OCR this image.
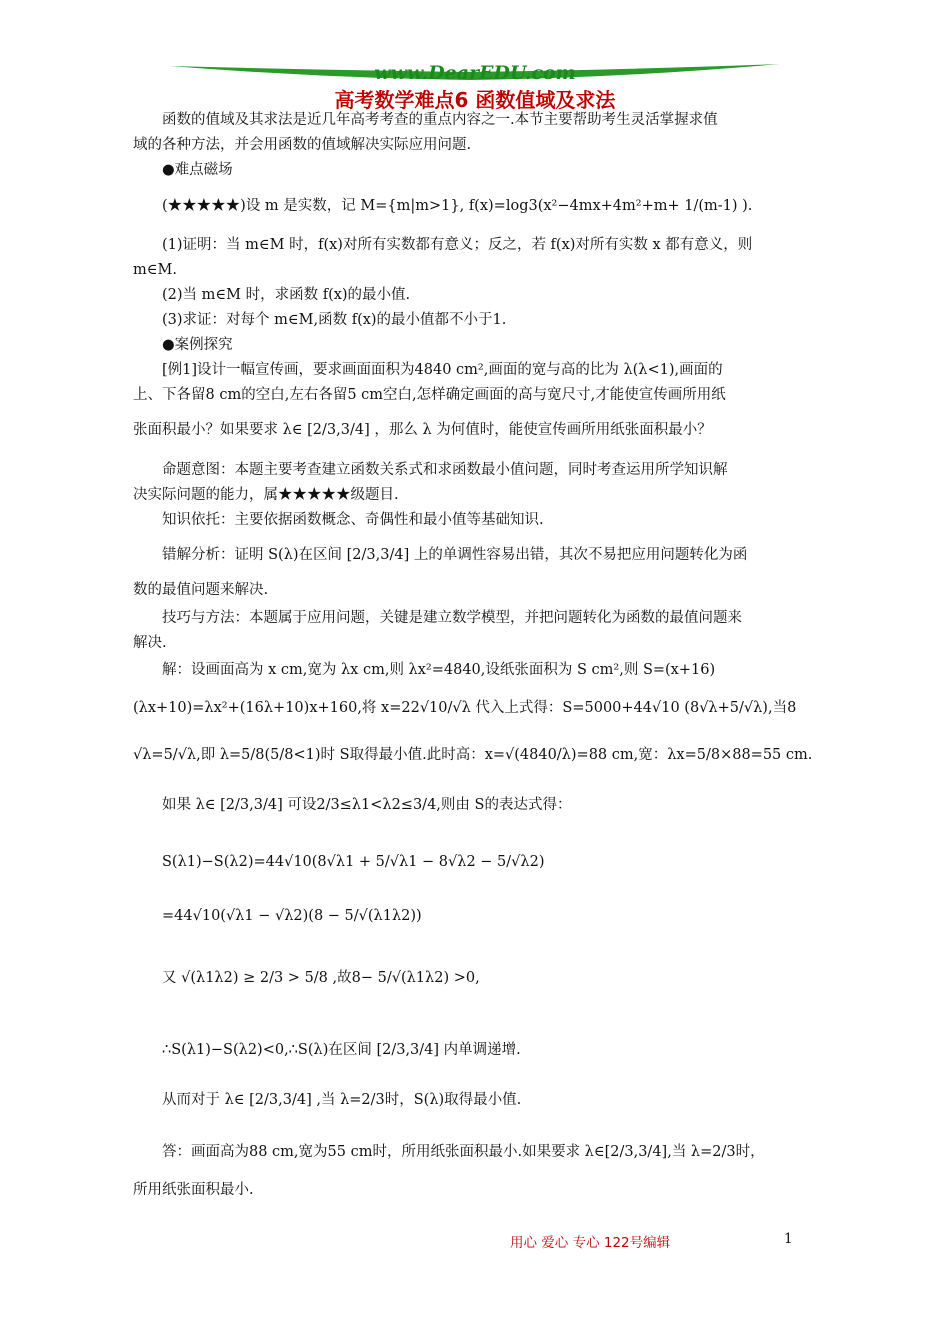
www.DearEDU.com
高考数学难点6 函数值域及求法
函数的值域及其求法是近几年高考考查的重点内容之一.本节主要帮助考生灵活掌握求值
域的各种方法，并会用函数的值域解决实际应用问题.
●难点磁场
(★★★★★)设 m 是实数，记 M={m|m>1}, f(x)=log3(x²−4mx+4m²+m+ 1/(m-1) ).
(1)证明：当 m∈M 时，f(x)对所有实数都有意义；反之，若 f(x)对所有实数 x 都有意义，则
m∈M.
(2)当 m∈M 时，求函数 f(x)的最小值.
(3)求证：对每个 m∈M,函数 f(x)的最小值都不小于1.
●案例探究
[例1]设计一幅宣传画，要求画面面积为4840 cm²,画面的宽与高的比为 λ(λ<1),画面的
上、下各留8 cm的空白,左右各留5 cm空白,怎样确定画面的高与宽尺寸,才能使宣传画所用纸
张面积最小？如果要求 λ∈ [2/3,3/4] ，那么 λ 为何值时，能使宣传画所用纸张面积最小？
命题意图：本题主要考查建立函数关系式和求函数最小值问题，同时考查运用所学知识解
决实际问题的能力，属★★★★★级题目.
知识依托：主要依据函数概念、奇偶性和最小值等基础知识.
错解分析：证明 S(λ)在区间 [2/3,3/4] 上的单调性容易出错，其次不易把应用问题转化为函
数的最值问题来解决.
技巧与方法：本题属于应用问题，关键是建立数学模型，并把问题转化为函数的最值问题来
解决.
解：设画面高为 x cm,宽为 λx cm,则 λx²=4840,设纸张面积为 S cm²,则 S=(x+16)
(λx+10)=λx²+(16λ+10)x+160,将 x=22√10/√λ 代入上式得：S=5000+44√10 (8√λ+5/√λ),当8
√λ=5/√λ,即 λ=5/8(5/8<1)时 S取得最小值.此时高：x=√(4840/λ)=88 cm,宽：λx=5/8×88=55 cm.
如果 λ∈ [2/3,3/4] 可设2/3≤λ1<λ2≤3/4,则由 S的表达式得：
S(λ1)−S(λ2)=44√10(8√λ1 + 5/√λ1 − 8√λ2 − 5/√λ2)
=44√10(√λ1 − √λ2)(8 − 5/√(λ1λ2))
又 √(λ1λ2) ≥ 2/3 > 5/8 ,故8− 5/√(λ1λ2) >0,
∴S(λ1)−S(λ2)<0,∴S(λ)在区间 [2/3,3/4] 内单调递增.
从而对于 λ∈ [2/3,3/4] ,当 λ=2/3时，S(λ)取得最小值.
答：画面高为88 cm,宽为55 cm时，所用纸张面积最小.如果要求 λ∈[2/3,3/4],当 λ=2/3时，
所用纸张面积最小.
用心 爱心 专心 122号编辑	1
